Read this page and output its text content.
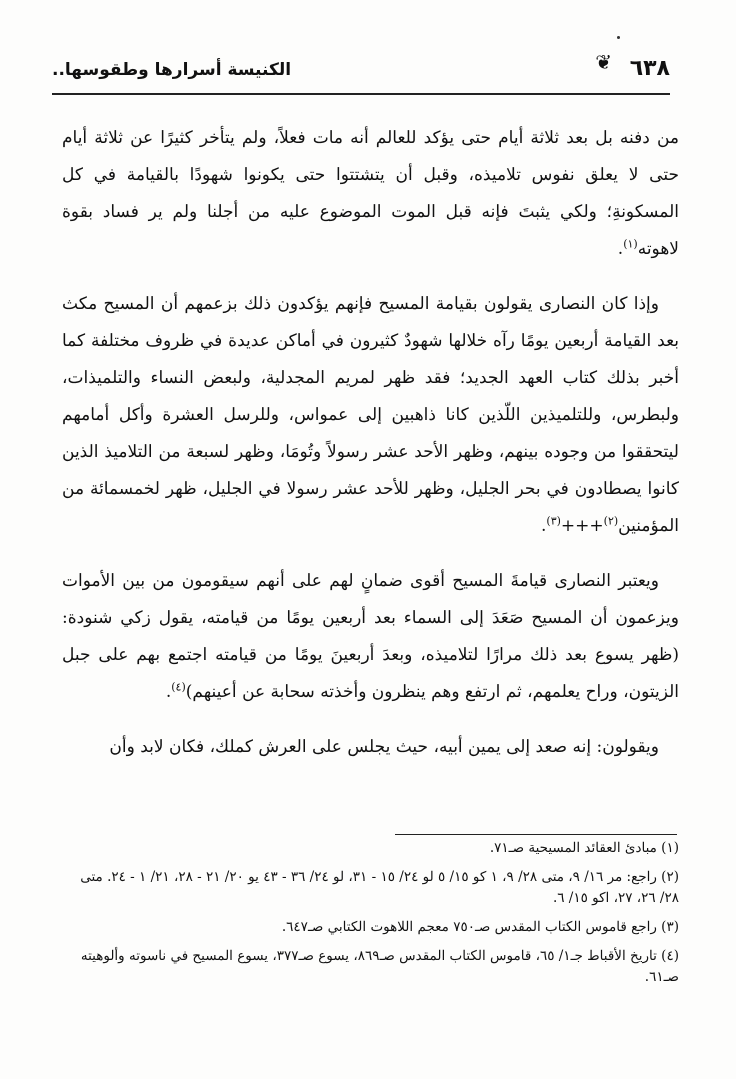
٦٣٨
❦
الكنيسة أسرارها وطقوسها..

من دفنه بل بعد ثلاثة أيام حتى يؤكد للعالم أنه مات فعلاً، ولم يتأخر كثيرًا عن ثلاثة أيام حتى لا يعلق نفوس تلاميذه، وقبل أن يتشتتوا حتى يكونوا شهودًا بالقيامة في كل المسكونةِ؛ ولكي يثبتَ فإنه قبل الموت الموضوع عليه من أجلنا ولم ير فساد بقوة لاهوته$^{(١)}$.

وإذا كان النصارى يقولون بقيامة المسيح فإنهم يؤكدون ذلك بزعمهم أن المسيح مكث بعد القيامة أربعين يومًا رآه خلالها شهودٌ كثيرون في أماكن عديدة في ظروف مختلفة كما أخبر بذلك كتاب العهد الجديد؛ فقد ظهر لمريم المجدلية، ولبعض النساء والتلميذات، ولبطرس، وللتلميذين اللّذين كانا ذاهبين إلى عمواس، وللرسل العشرة وأكل أمامهم ليتحققوا من وجوده بينهم، وظهر الأحد عشر رسولاً وتُومَا، وظهر لسبعة من التلاميذ الذين كانوا يصطادون في بحر الجليل، وظهر للأحد عشر رسولا في الجليل، ظهر لخمسمائة من المؤمنين$^{(٢)}$+++$^{(٣)}$.

ويعتبر النصارى قيامةَ المسيح أقوى ضمانٍ لهم على أنهم سيقومون من بين الأموات ويزعمون أن المسيح صَعَدَ إلى السماء بعد أربعين يومًا من قيامته، يقول زكي شنودة: (ظهر يسوع بعد ذلك مرارًا لتلاميذه، وبعدَ أربعينَ يومًا من قيامته اجتمع بهم على جبل الزيتون، وراح يعلمهم، ثم ارتفع وهم ينظرون وأخذته سحابة عن أعينهم)$^{(٤)}$.

ويقولون: إنه صعد إلى يمين أبيه، حيث يجلس على العرش كملك، فكان لابد وأن

(١) مبادئ العقائد المسيحية صـ٧١.
(٢) راجع: مر ١٦/ ٩، متى ٢٨/ ٩، ١ كو ١٥/ ٥ لو ٢٤/ ١٥ - ٣١، لو ٢٤/ ٣٦ - ٤٣ يو ٢٠/ ٢١ - ٢٨، ٢١/ ١ - ٢٤. متى ٢٨/ ٢٦، ٢٧، اكو ١٥/ ٦.
(٣) راجع قاموس الكتاب المقدس صـ٧٥٠ معجم اللاهوت الكتابي صـ٦٤٧.
(٤) تاريخ الأقباط جـ١/ ٦٥، قاموس الكتاب المقدس صـ٨٦٩، يسوع صـ٣٧٧، يسوع المسيح في ناسوته وألوهيته صـ٦١.
